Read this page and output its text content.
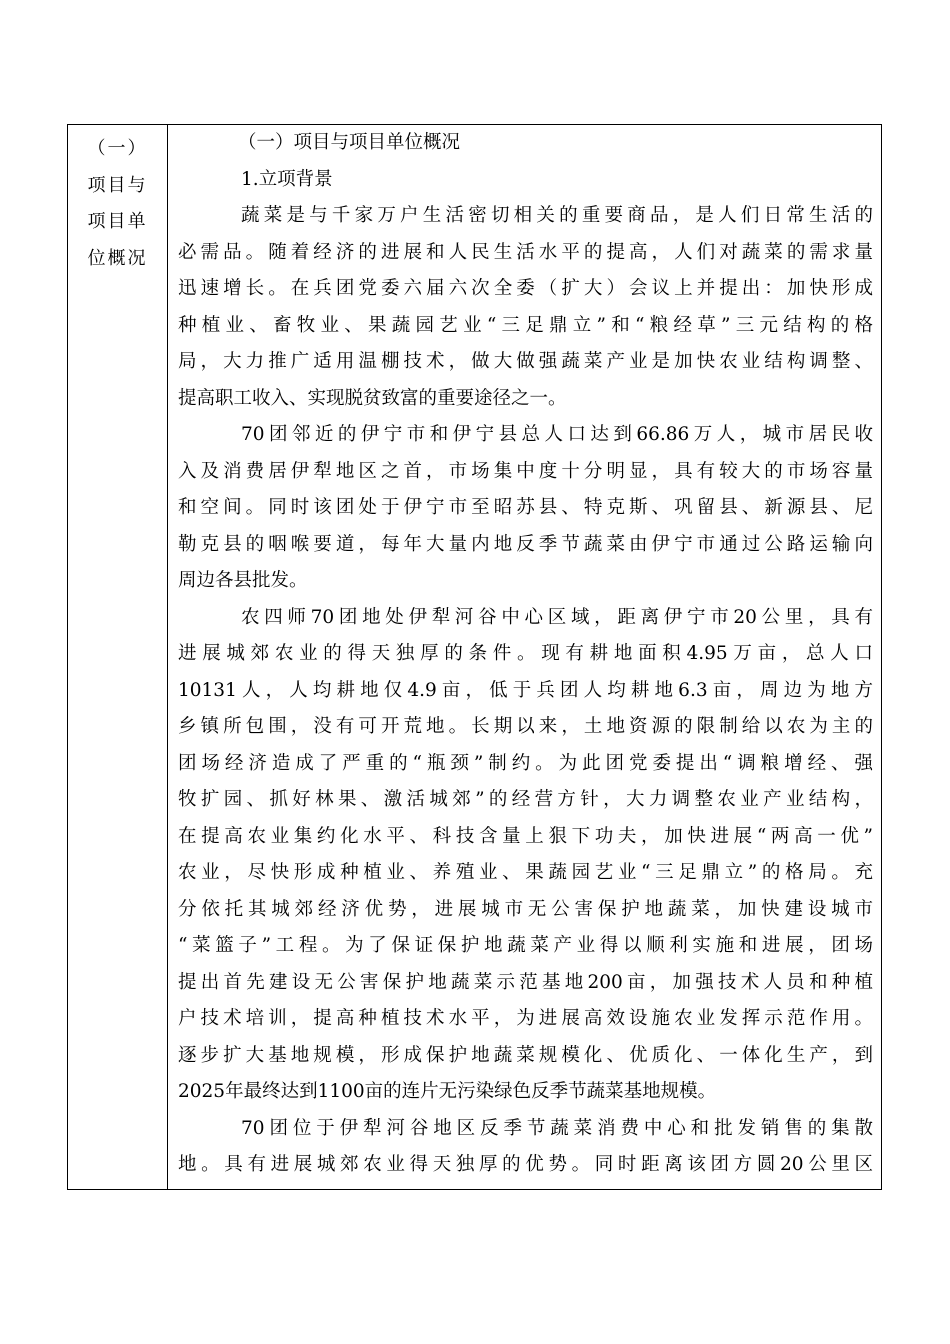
（一）
项目与
项目单
位概况
（一）项目与项目单位概况
1.立项背景
蔬菜是与千家万户生活密切相关的重要商品，是人们日常生活的
必需品。随着经济的进展和人民生活水平的提高，人们对蔬菜的需求量
迅速增长。在兵团党委六届六次全委（扩大）会议上并提出：加快形成
种植业、畜牧业、果蔬园艺业“三足鼎立”和“粮经草”三元结构的格
局，大力推广适用温棚技术，做大做强蔬菜产业是加快农业结构调整、
提高职工收入、实现脱贫致富的重要途径之一。
70团邻近的伊宁市和伊宁县总人口达到66.86万人，城市居民收
入及消费居伊犁地区之首，市场集中度十分明显，具有较大的市场容量
和空间。同时该团处于伊宁市至昭苏县、特克斯、巩留县、新源县、尼
勒克县的咽喉要道，每年大量内地反季节蔬菜由伊宁市通过公路运输向
周边各县批发。
农四师70团地处伊犁河谷中心区域，距离伊宁市20公里，具有
进展城郊农业的得天独厚的条件。现有耕地面积4.95万亩，总人口
10131人，人均耕地仅4.9亩，低于兵团人均耕地6.3亩，周边为地方
乡镇所包围，没有可开荒地。长期以来，土地资源的限制给以农为主的
团场经济造成了严重的“瓶颈”制约。为此团党委提出“调粮增经、强
牧扩园、抓好林果、激活城郊”的经营方针，大力调整农业产业结构，
在提高农业集约化水平、科技含量上狠下功夫，加快进展“两高一优”
农业，尽快形成种植业、养殖业、果蔬园艺业“三足鼎立”的格局。充
分依托其城郊经济优势，进展城市无公害保护地蔬菜，加快建设城市
“菜篮子”工程。为了保证保护地蔬菜产业得以顺利实施和进展，团场
提出首先建设无公害保护地蔬菜示范基地200亩，加强技术人员和种植
户技术培训，提高种植技术水平，为进展高效设施农业发挥示范作用。
逐步扩大基地规模，形成保护地蔬菜规模化、优质化、一体化生产，到
2025年最终达到1100亩的连片无污染绿色反季节蔬菜基地规模。
70团位于伊犁河谷地区反季节蔬菜消费中心和批发销售的集散
地。具有进展城郊农业得天独厚的优势。同时距离该团方圆20公里区
